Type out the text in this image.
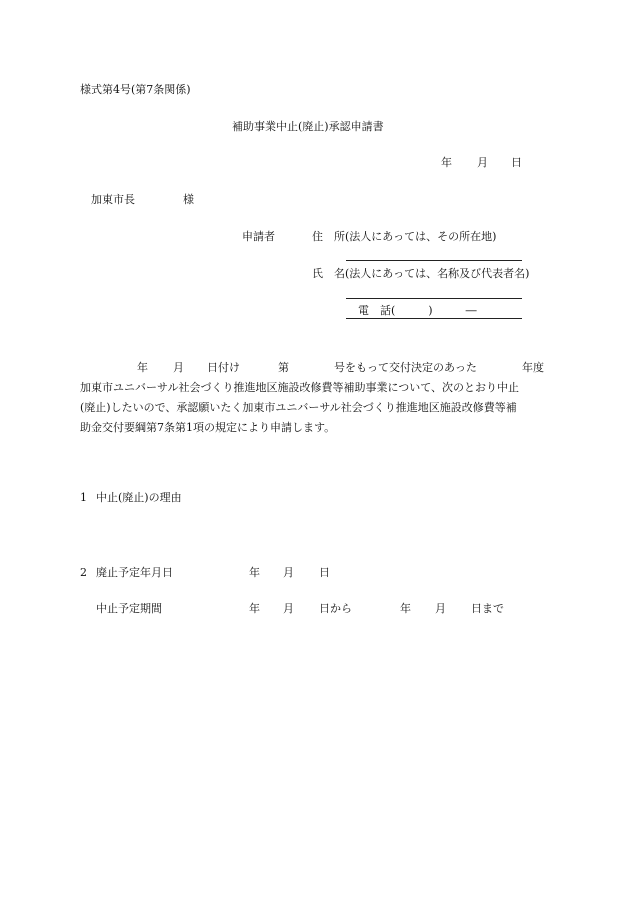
様式第4号(第7条関係)
補助事業中止(廃止)承認申請書
年 月 日
加東市長	様
申請者	住　所(法人にあっては、その所在地)
氏　名(法人にあっては、名称及び代表者名)
電　話(　　　)　　　―
年 月 日付け	第	号をもって交付決定のあった	年度
加東市ユニバーサル社会づくり推進地区施設改修費等補助事業について、次のとおり中止
(廃止)したいので、承認願いたく加東市ユニバーサル社会づくり推進地区施設改修費等補
助金交付要綱第7条第1項の規定により申請します。
1 中止(廃止)の理由
2 廃止予定年月日	年 月 日
中止予定期間	年 月 日から	年 月 日まで
